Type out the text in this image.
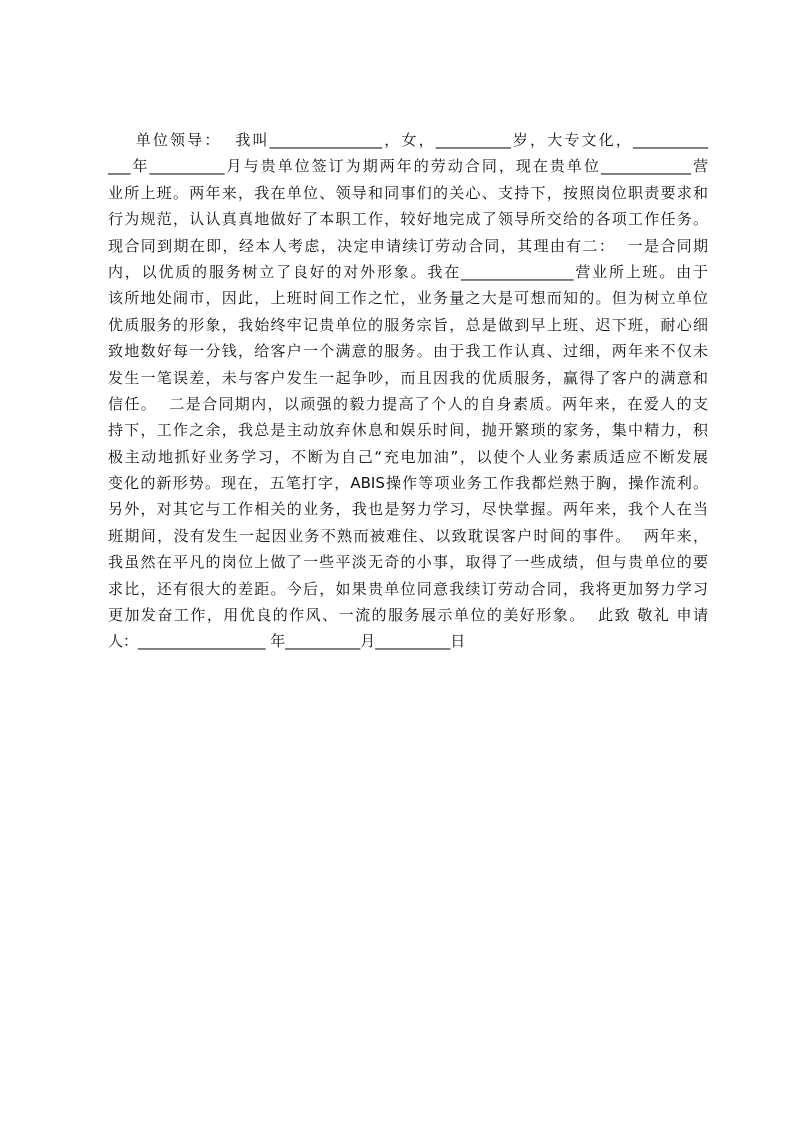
单位领导：  我叫_______________，女，__________岁，大专文化，__________
___年__________月与贵单位签订为期两年的劳动合同，现在贵单位____________营
业所上班。两年来，我在单位、领导和同事们的关心、支持下，按照岗位职责要求和
行为规范，认认真真地做好了本职工作，较好地完成了领导所交给的各项工作任务。
现合同到期在即，经本人考虑，决定申请续订劳动合同，其理由有二：  一是合同期
内，以优质的服务树立了良好的对外形象。我在_______________营业所上班。由于
该所地处闹市，因此，上班时间工作之忙，业务量之大是可想而知的。但为树立单位
优质服务的形象，我始终牢记贵单位的服务宗旨，总是做到早上班、迟下班，耐心细
致地数好每一分钱，给客户一个满意的服务。由于我工作认真、过细，两年来不仅未
发生一笔误差，未与客户发生一起争吵，而且因我的优质服务，赢得了客户的满意和
信任。  二是合同期内，以顽强的毅力提高了个人的自身素质。两年来，在爱人的支
持下，工作之余，我总是主动放弃休息和娱乐时间，抛开繁琐的家务，集中精力，积
极主动地抓好业务学习，不断为自己“充电加油”，以使个人业务素质适应不断发展
变化的新形势。现在，五笔打字，ABIS操作等项业务工作我都烂熟于胸，操作流利。
另外，对其它与工作相关的业务，我也是努力学习，尽快掌握。两年来，我个人在当
班期间，没有发生一起因业务不熟而被难住、以致耽误客户时间的事件。  两年来，
我虽然在平凡的岗位上做了一些平淡无奇的小事，取得了一些成绩，但与贵单位的要
求比，还有很大的差距。今后，如果贵单位同意我续订劳动合同，我将更加努力学习
更加发奋工作，用优良的作风、一流的服务展示单位的美好形象。  此致 敬礼 申请
人：_________________ 年__________月__________日
